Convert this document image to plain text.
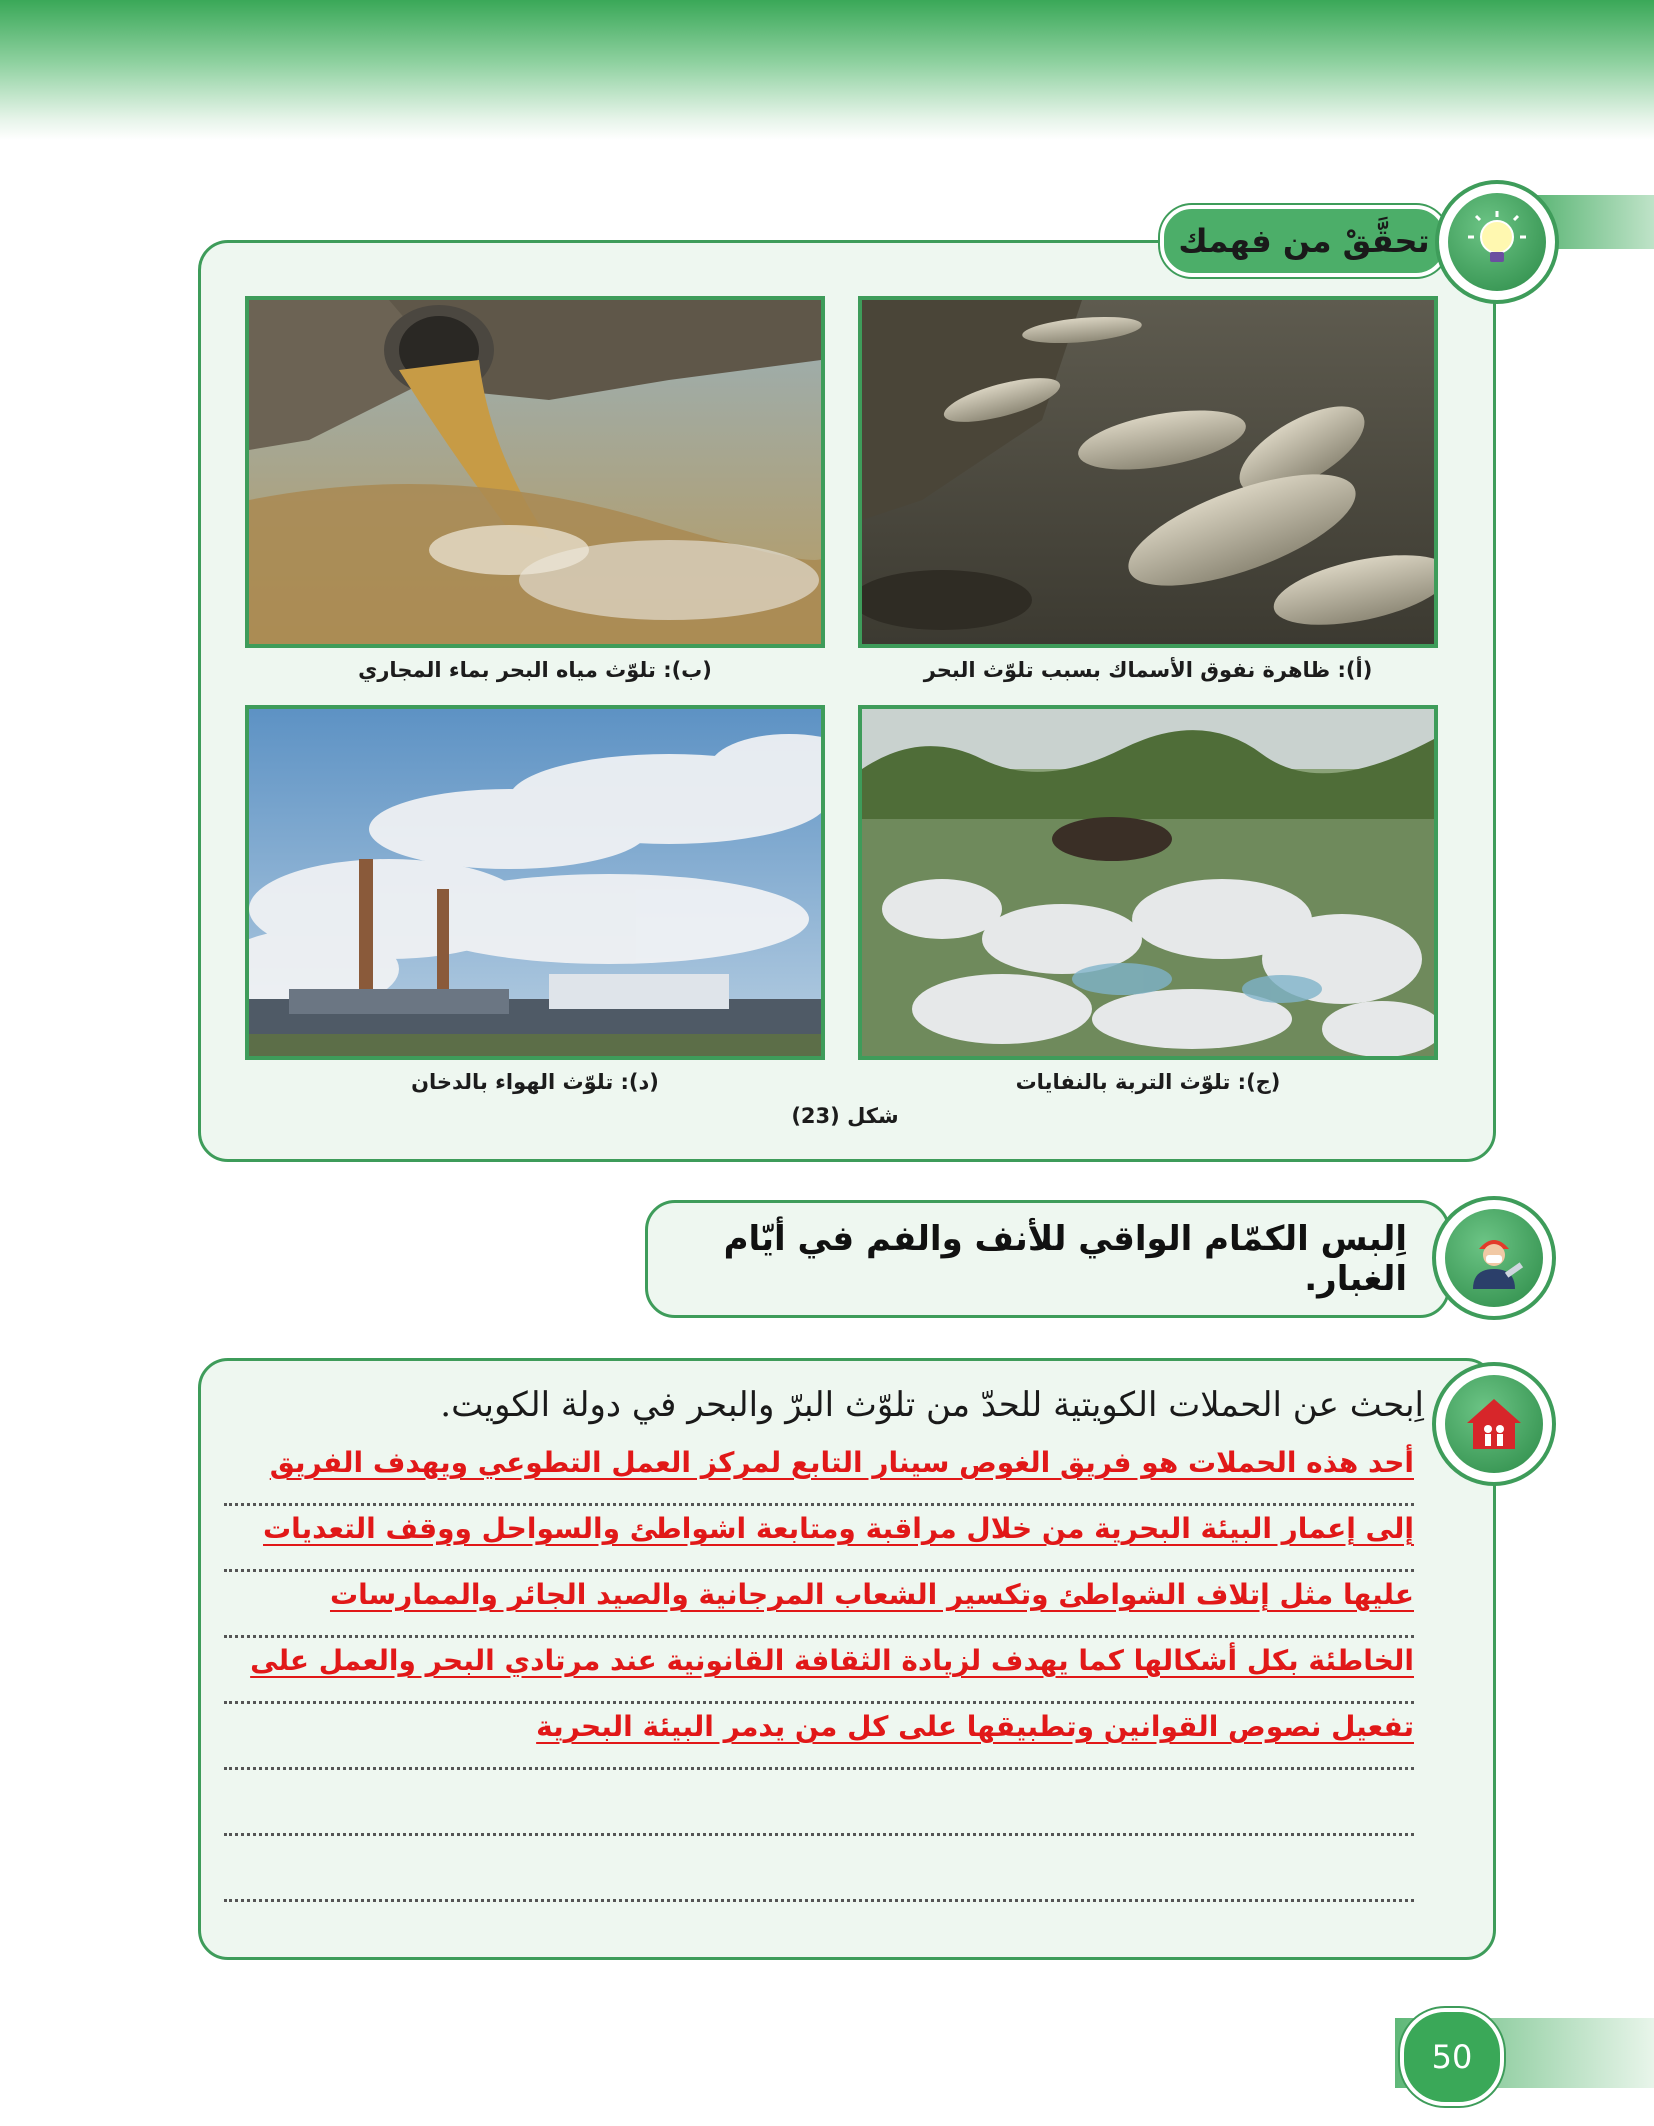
تحقَّقْ من فهمك
(أ): ظاهرة نفوق الأسماك بسبب تلوّث البحر
(ب): تلوّث مياه البحر بماء المجاري
(ج): تلوّث التربة بالنفايات
(د): تلوّث الهواء بالدخان
شكل (23)
اِلبس الكمّام الواقي للأنف والفم في أيّام الغبار.
اِبحث عن الحملات الكويتية للحدّ من تلوّث البرّ والبحر في دولة الكويت.
أحد هذه الحملات هو فريق الغوص سينار التابع لمركز العمل التطوعي ويهدف الفريق
إلى إعمار البيئة البحرية من خلال مراقبة ومتابعة اشواطئ والسواحل ووقف التعديات
عليها مثل إتلاف الشواطئ وتكسير الشعاب المرجانية والصيد الجائر والممارسات
الخاطئة بكل أشكالها كما يهدف لزيادة الثقافة القانونية عند مرتادي البحر والعمل على
تفعيل نصوص القوانين وتطبيقها على كل من يدمر البيئة البحرية
50
